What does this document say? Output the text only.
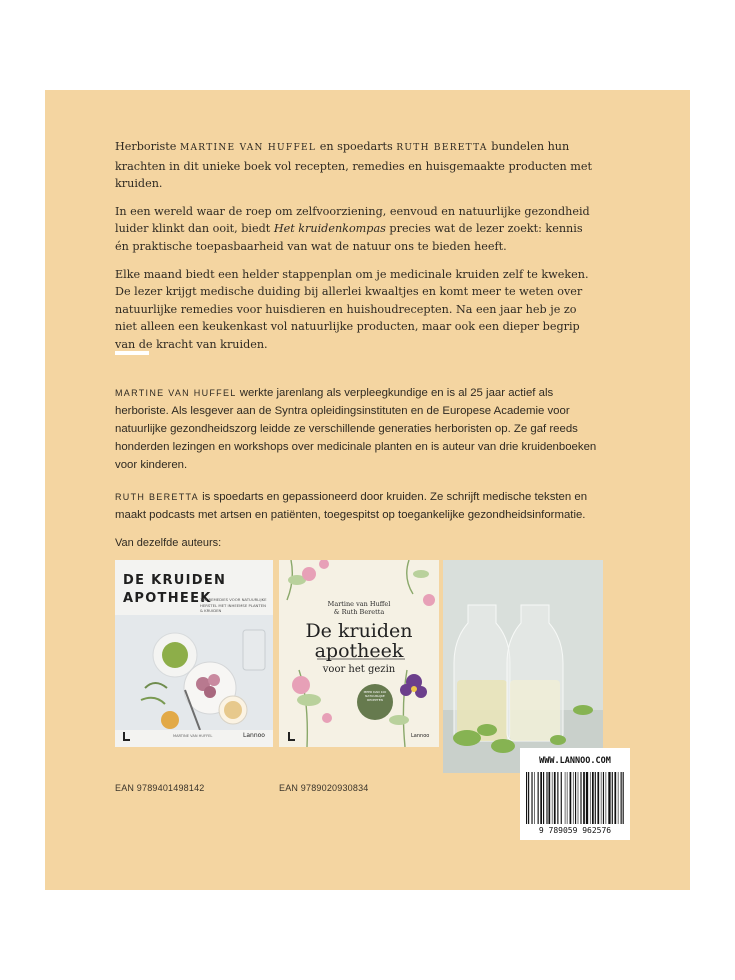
Herboriste MARTINE VAN HUFFEL en spoedarts RUTH BERETTA bundelen hun krachten in dit unieke boek vol recepten, remedies en huisgemaakte producten met kruiden.

In een wereld waar de roep om zelfvoorziening, eenvoud en natuurlijke gezondheid luider klinkt dan ooit, biedt Het kruidenkompas precies wat de lezer zoekt: kennis én praktische toepasbaarheid van wat de natuur ons te bieden heeft.

Elke maand biedt een helder stappenplan om je medicinale kruiden zelf te kweken. De lezer krijgt medische duiding bij allerlei kwaaltjes en komt meer te weten over natuurlijke remedies voor huisdieren en huishoudrecepten. Na een jaar heb je zo niet alleen een keukenkast vol natuurlijke producten, maar ook een dieper begrip van de kracht van kruiden.

MARTINE VAN HUFFEL werkte jarenlang als verpleegkundige en is al 25 jaar actief als herboriste. Als lesgever aan de Syntra opleidingsinstituten en de Europese Academie voor natuurlijke gezondheidszorg leidde ze verschillende generaties herboristen op. Ze gaf reeds honderden lezingen en workshops over medicinale planten en is auteur van drie kruidenboeken voor kinderen.

RUTH BERETTA is spoedarts en gepassioneerd door kruiden. Ze schrijft medische teksten en maakt podcasts met artsen en patiënten, toegespitst op toegankelijke gezondheidsinformatie.

Van dezelfde auteurs:
DE KRUIDEN
APOTHEEK
100 REMEDIES VOOR NATUURLIJKE HERSTEL MET INHEEMSE PLANTEN & KRUIDEN
MARTINE VAN HUFFEL	Lannoo
EAN 9789401498142
Martine van Huffel
& Ruth Beretta
De kruiden
apotheek
voor het gezin
MEER DAN 100 NATUURLIJKE RECEPTEN
Lannoo
EAN 9789020930834
WWW.LANNOO.COM
9 789059 962576
